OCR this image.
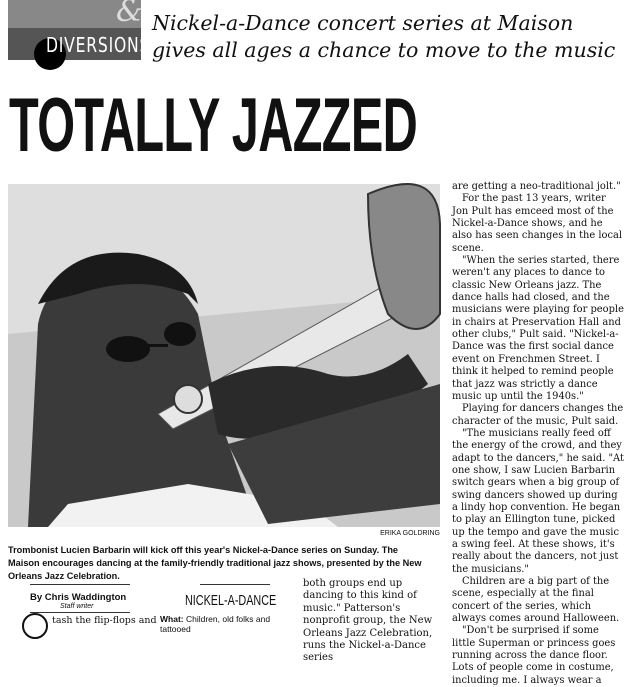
&
DIVERSIONS
Nickel-a-Dance concert series at Maison gives all ages a chance to move to the music
TOTALLY JAZZED
ERIKA GOLDRING
Trombonist Lucien Barbarin will kick off this year's Nickel-a-Dance series on Sunday. The Maison encourages dancing at the family-friendly traditional jazz shows, presented by the New Orleans Jazz Celebration.
By Chris Waddington
Staff writer
tash the flip-flops and
NICKEL-A-DANCE
What: Children, old folks and tattooed
both groups end up dancing to this kind of music." Patterson's nonprofit group, the New Orleans Jazz Celebration, runs the Nickel-a-Dance series

are getting a neo-traditional jolt."

For the past 13 years, writer Jon Pult has emceed most of the Nickel-a-Dance shows, and he also has seen changes in the local scene.

"When the series started, there weren't any places to dance to classic New Orleans jazz. The dance halls had closed, and the musicians were playing for people in chairs at Preservation Hall and other clubs," Pult said. "Nickel-a-Dance was the first social dance event on Frenchmen Street. I think it helped to remind people that jazz was strictly a dance music up until the 1940s."

Playing for dancers changes the character of the music, Pult said.

"The musicians really feed off the energy of the crowd, and they adapt to the dancers," he said. "At one show, I saw Lucien Barbarin switch gears when a big group of swing dancers showed up during a lindy hop convention. He began to play an Ellington tune, picked up the tempo and gave the music a swing feel. At these shows, it's really about the dancers, not just the musicians."

Children are a big part of the scene, especially at the final concert of the series, which always comes around Halloween.

"Don't be surprised if some little Superman or princess goes running across the dance floor. Lots of people come in costume, including me. I always wear a
